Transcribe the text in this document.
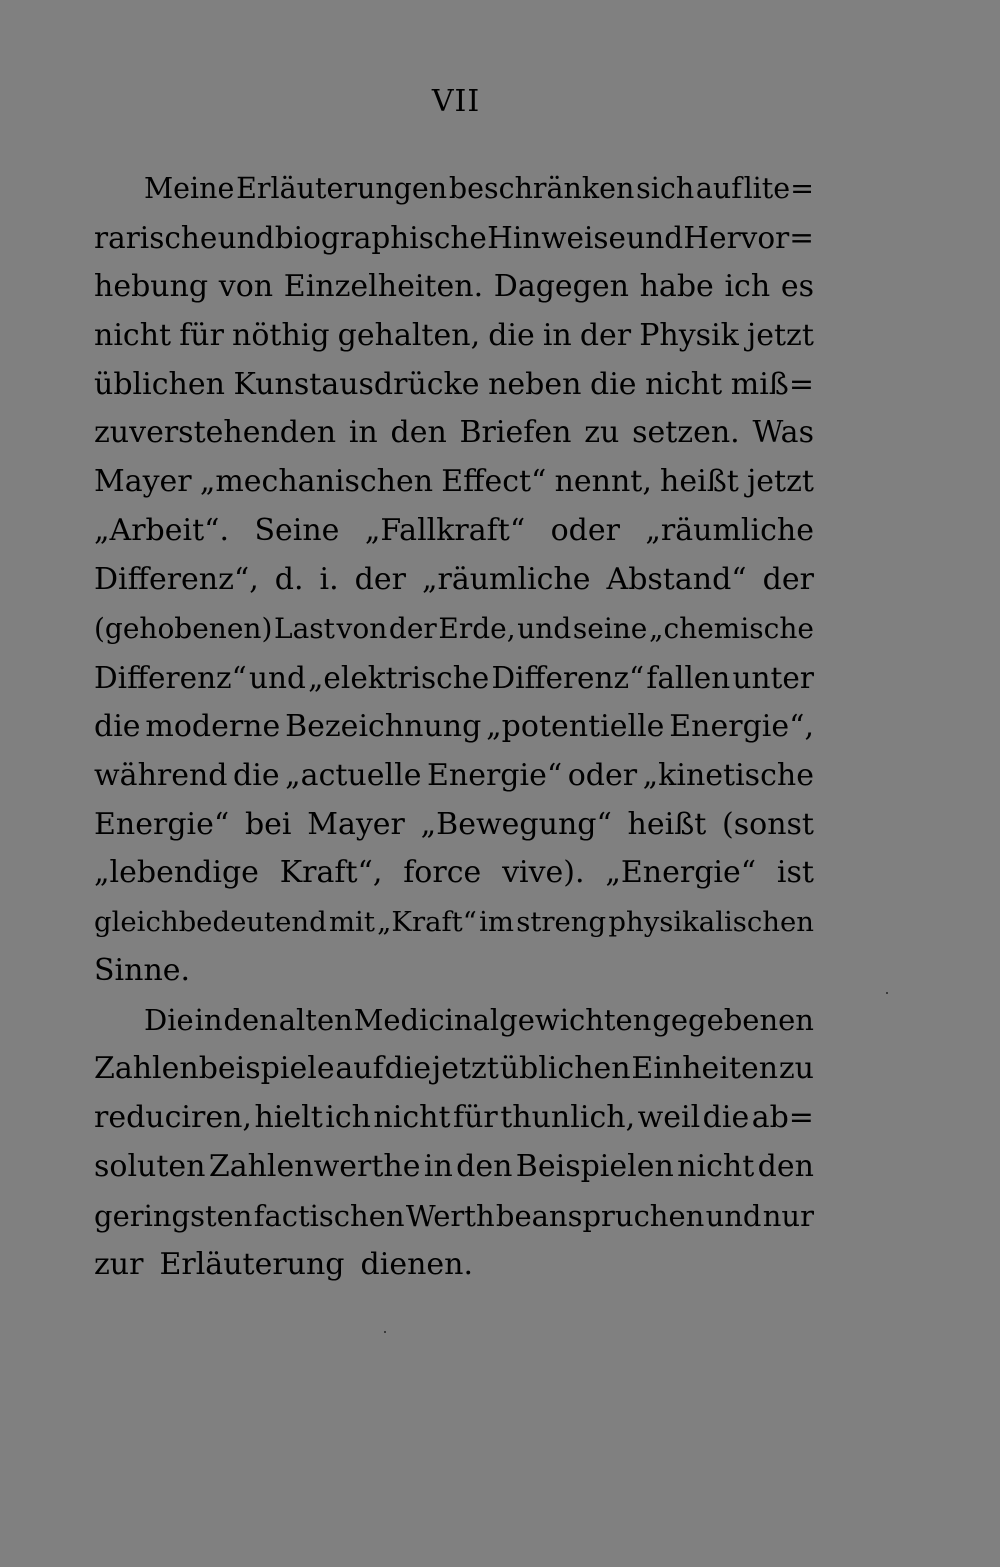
VII
Meine Erläuterungen beschränken sich auf lite=
rarische und biographische Hinweise und Hervor=
hebung von Einzelheiten. Dagegen habe ich es
nicht für nöthig gehalten, die in der Physik jetzt
üblichen Kunstausdrücke neben die nicht miß=
zuverstehenden in den Briefen zu setzen. Was
Mayer „mechanischen Effect“ nennt, heißt jetzt
„Arbeit“. Seine „Fallkraft“ oder „räumliche
Differenz“, d. i. der „räumliche Abstand“ der
(gehobenen) Last von der Erde, und seine „chemische
Differenz“ und „elektrische Differenz“ fallen unter
die moderne Bezeichnung „potentielle Energie“,
während die „actuelle Energie“ oder „kinetische
Energie“ bei Mayer „Bewegung“ heißt (sonst
„lebendige Kraft“, force vive). „Energie“ ist
gleichbedeutend mit „Kraft“ im streng physikalischen
Sinne.
Die in den alten Medicinalgewichten gegebenen
Zahlenbeispiele auf die jetzt üblichen Einheiten zu
reduciren, hielt ich nicht für thunlich, weil die ab=
soluten Zahlenwerthe in den Beispielen nicht den
geringsten factischen Werth beanspruchen und nur
zur Erläuterung dienen.
